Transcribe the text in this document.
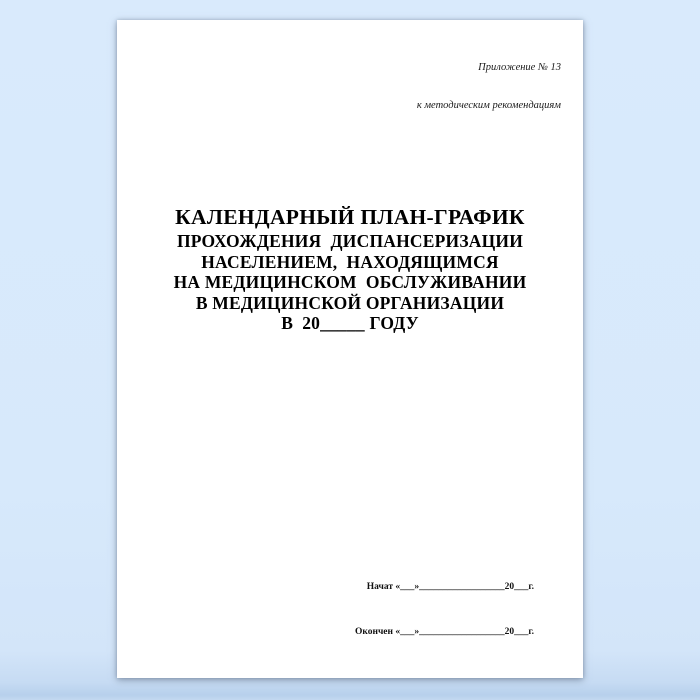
Приложение № 13

к методическим рекомендациям

КАЛЕНДАРНЫЙ ПЛАН-ГРАФИК
ПРОХОЖДЕНИЯ  ДИСПАНСЕРИЗАЦИИ
НАСЕЛЕНИЕМ,  НАХОДЯЩИМСЯ
НА МЕДИЦИНСКОМ  ОБСЛУЖИВАНИИ
В МЕДИЦИНСКОЙ ОРГАНИЗАЦИИ
В  20_____ ГОДУ

Начат «___»__________________20___г.

Окончен «___»__________________20___г.
